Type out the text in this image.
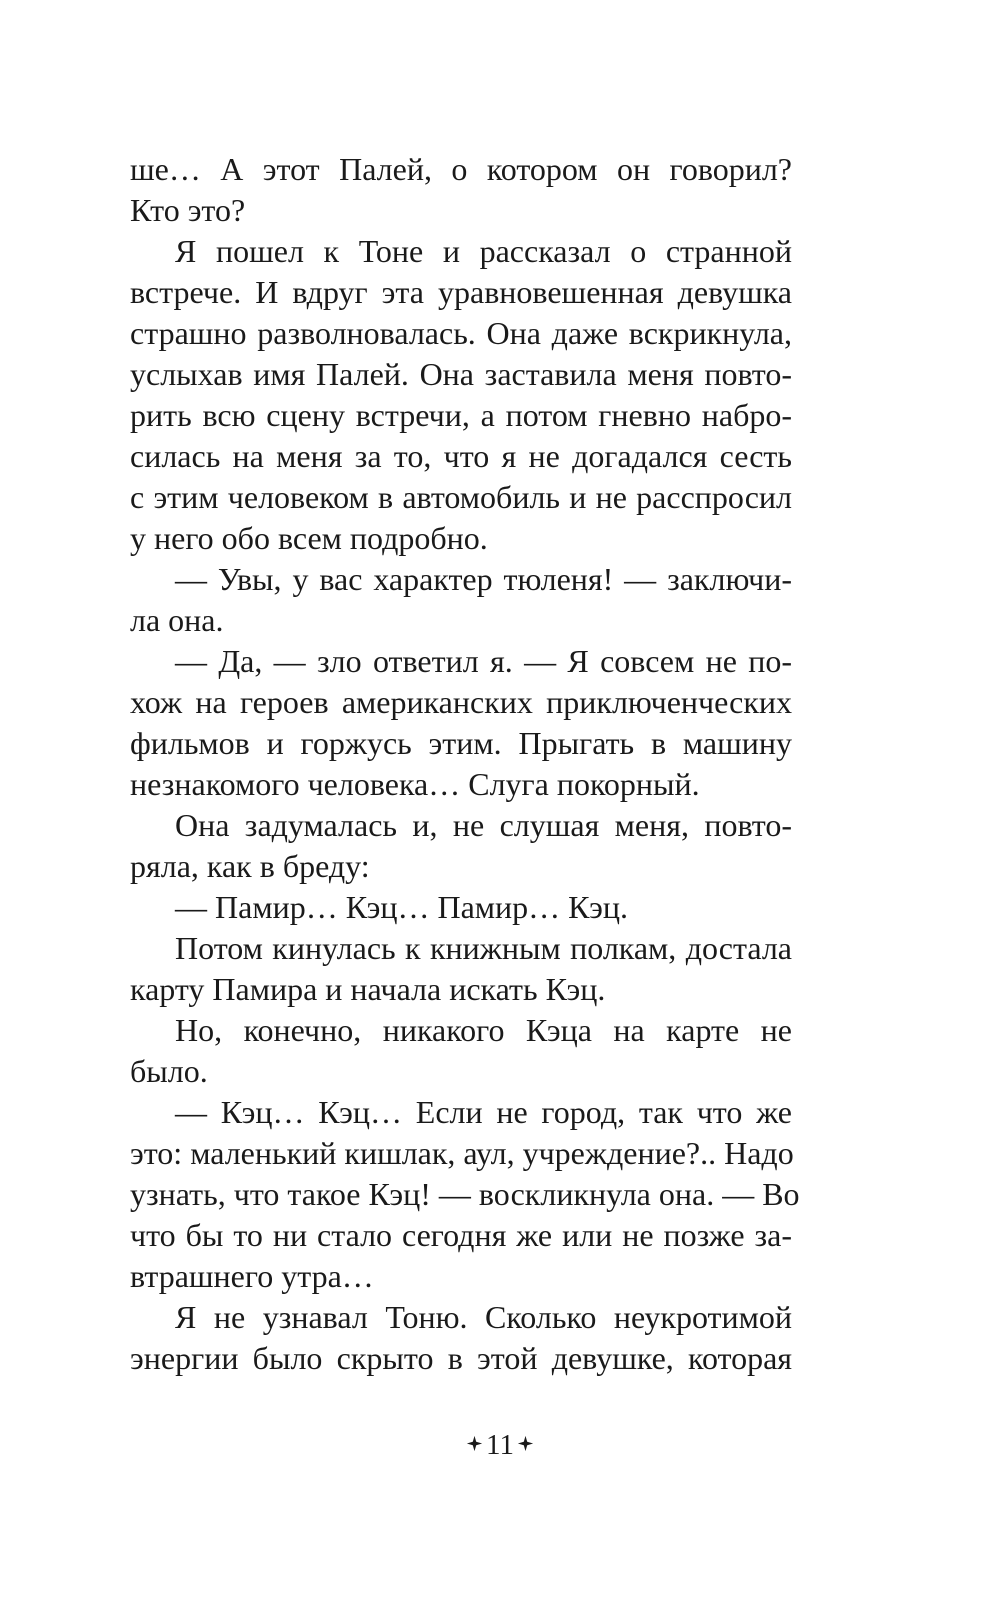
ше… А этот Палей, о котором он говорил?
Кто это?
Я пошел к Тоне и рассказал о странной
встрече. И вдруг эта уравновешенная девушка
страшно разволновалась. Она даже вскрикнула,
услыхав имя Палей. Она заставила меня повто-
рить всю сцену встречи, а потом гневно набро-
силась на меня за то, что я не догадался сесть
с этим человеком в автомобиль и не расспросил
у него обо всем подробно.
— Увы, у вас характер тюленя! — заключи-
ла она.
— Да, — зло ответил я. — Я совсем не по-
хож на героев американских приключенческих
фильмов и горжусь этим. Прыгать в машину
незнакомого человека… Слуга покорный.
Она задумалась и, не слушая меня, повто-
ряла, как в бреду:
— Памир… Кэц… Памир… Кэц.
Потом кинулась к книжным полкам, достала
карту Памира и начала искать Кэц.
Но, конечно, никакого Кэца на карте не
было.
— Кэц… Кэц… Если не город, так что же
это: маленький кишлак, аул, учреждение?.. Надо
узнать, что такое Кэц! — воскликнула она. — Во
что бы то ни стало сегодня же или не позже за-
втрашнего утра…
Я не узнавал Тоню. Сколько неукротимой
энергии было скрыто в этой девушке, которая
11
